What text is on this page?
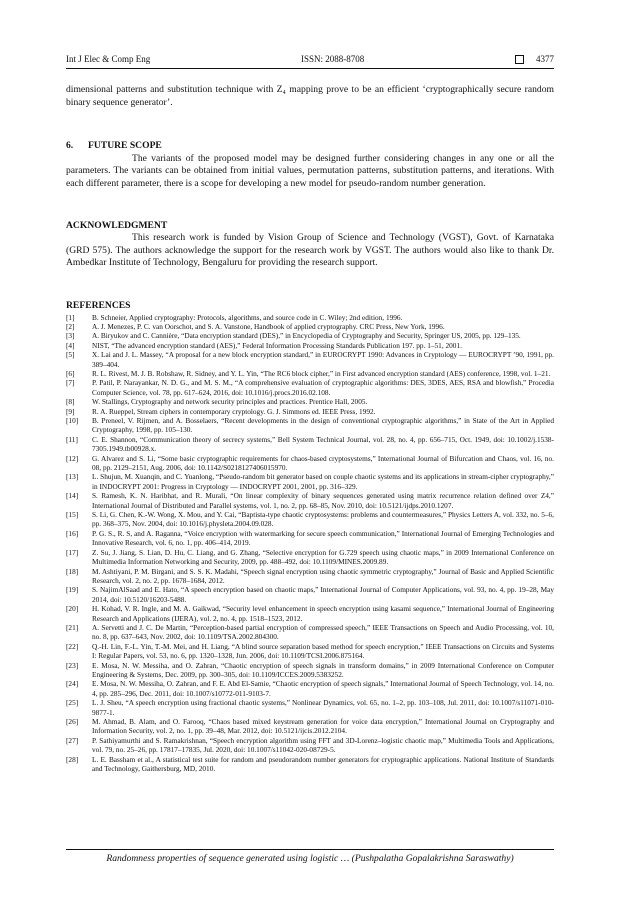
Int J Elec & Comp Eng	ISSN: 2088-8708	4377

dimensional patterns and substitution technique with Z₄ mapping prove to be an efficient ‘cryptographically secure random binary sequence generator’.

6. FUTURE SCOPE

The variants of the proposed model may be designed further considering changes in any one or all the parameters. The variants can be obtained from initial values, permutation patterns, substitution patterns, and iterations. With each different parameter, there is a scope for developing a new model for pseudo-random number generation.

ACKNOWLEDGMENT

This research work is funded by Vision Group of Science and Technology (VGST), Govt. of Karnataka (GRD 575). The authors acknowledge the support for the research work by VGST. The authors would also like to thank Dr. Ambedkar Institute of Technology, Bengaluru for providing the research support.

REFERENCES
[1]	B. Schneier, Applied cryptography: Protocols, algorithms, and source code in C. Wiley; 2nd edition, 1996.
[2]	A. J. Menezes, P. C. van Oorschot, and S. A. Vanstone, Handbook of applied cryptography. CRC Press, New York, 1996.
[3]	A. Biryukov and C. Cannière, “Data encryption standard (DES),” in Encyclopedia of Cryptography and Security, Springer US, 2005, pp. 129–135.
[4]	NIST, “The advanced encryption standard (AES),” Federal Information Processing Standards Publication 197. pp. 1–51, 2001.
[5]	X. Lai and J. L. Massey, “A proposal for a new block encryption standard,” in EUROCRYPT 1990: Advances in Cryptology — EUROCRYPT ’90, 1991, pp. 389–404.
[6]	R. L. Rivest, M. J. B. Robshaw, R. Sidney, and Y. L. Yin, “The RC6 block cipher,” in First advanced encryption standard (AES) conference, 1998, vol. 1–21.
[7]	P. Patil, P. Narayankar, N. D. G., and M. S. M., “A comprehensive evaluation of cryptographic algorithms: DES, 3DES, AES, RSA and blowfish,” Procedia Computer Science, vol. 78, pp. 617–624, 2016, doi: 10.1016/j.procs.2016.02.108.
[8]	W. Stallings, Cryptography and network security principles and practices. Prentice Hall, 2005.
[9]	R. A. Rueppel, Stream ciphers in contemporary cryptology. G. J. Simmons ed. IEEE Press, 1992.
[10]	B. Preneel, V. Rijmen, and A. Bosselaers, “Recent developments in the design of conventional cryptographic algorithms,” in State of the Art in Applied Cryptography, 1998, pp. 105–130.
[11]	C. E. Shannon, “Communication theory of secrecy systems,” Bell System Technical Journal, vol. 28, no. 4, pp. 656–715, Oct. 1949, doi: 10.1002/j.1538-7305.1949.tb00928.x.
[12]	G. Alvarez and S. Li, “Some basic cryptographic requirements for chaos-based cryptosystems,” International Journal of Bifurcation and Chaos, vol. 16, no. 08, pp. 2129–2151, Aug. 2006, doi: 10.1142/S0218127406015970.
[13]	L. Shujun, M. Xuanqin, and C. Yuanlong, “Pseudo-random bit generator based on couple chaotic systems and its applications in stream-cipher cryptography,” in INDOCRYPT 2001: Progress in Cryptology — INDOCRYPT 2001, 2001, pp. 316–329.
[14]	S. Ramesh, K. N. Haribhat, and R. Murali, “On linear complexity of binary sequences generated using matrix recurrence relation defined over Z4,” International Journal of Distributed and Parallel systems, vol. 1, no. 2, pp. 68–85, Nov. 2010, doi: 10.5121/ijdps.2010.1207.
[15]	S. Li, G. Chen, K.-W. Wong, X. Mou, and Y. Cai, “Baptista-type chaotic cryptosystems: problems and countermeasures,” Physics Letters A, vol. 332, no. 5–6, pp. 368–375, Nov. 2004, doi: 10.1016/j.physleta.2004.09.028.
[16]	P. G. S., R. S, and A. Raganna, “Voice encryption with watermarking for secure speech communication,” International Journal of Emerging Technologies and Innovative Research, vol. 6, no. 1, pp. 406–414, 2019.
[17]	Z. Su, J. Jiang, S. Lian, D. Hu, C. Liang, and G. Zhang, “Selective encryption for G.729 speech using chaotic maps,” in 2009 International Conference on Multimedia Information Networking and Security, 2009, pp. 488–492, doi: 10.1109/MINES.2009.89.
[18]	M. Ashtiyani, P. M. Birgani, and S. S. K. Madahi, “Speech signal encryption using chaotic symmetric cryptography,” Journal of Basic and Applied Scientific Research, vol. 2, no. 2, pp. 1678–1684, 2012.
[19]	S. NajimAlSaad and E. Hato, “A speech encryption based on chaotic maps,” International Journal of Computer Applications, vol. 93, no. 4, pp. 19–28, May 2014, doi: 10.5120/16203-5488.
[20]	H. Kohad, V. R. Ingle, and M. A. Gaikwad, “Security level enhancement in speech encryption using kasami sequence,” International Journal of Engineering Research and Applications (IJERA), vol. 2, no. 4, pp. 1518–1523, 2012.
[21]	A. Servetti and J. C. De Martin, “Perception-based partial encryption of compressed speech,” IEEE Transactions on Speech and Audio Processing, vol. 10, no. 8, pp. 637–643, Nov. 2002, doi: 10.1109/TSA.2002.804300.
[22]	Q.-H. Lin, F.-L. Yin, T.-M. Mei, and H. Liang, “A blind source separation based method for speech encryption,” IEEE Transactions on Circuits and Systems I: Regular Papers, vol. 53, no. 6, pp. 1320–1328, Jun. 2006, doi: 10.1109/TCSI.2006.875164.
[23]	E. Mosa, N. W. Messiha, and O. Zahran, “Chaotic encryption of speech signals in transform domains,” in 2009 International Conference on Computer Engineering & Systems, Dec. 2009, pp. 300–305, doi: 10.1109/ICCES.2009.5383252.
[24]	E. Mosa, N. W. Messiha, O. Zahran, and F. E. Abd El-Samie, “Chaotic encryption of speech signals,” International Journal of Speech Technology, vol. 14, no. 4, pp. 285–296, Dec. 2011, doi: 10.1007/s10772-011-9103-7.
[25]	L. J. Sheu, “A speech encryption using fractional chaotic systems,” Nonlinear Dynamics, vol. 65, no. 1–2, pp. 103–108, Jul. 2011, doi: 10.1007/s11071-010-9877-1.
[26]	M. Ahmad, B. Alam, and O. Farooq, “Chaos based mixed keystream generation for voice data encryption,” International Journal on Cryptography and Information Security, vol. 2, no. 1, pp. 39–48, Mar. 2012, doi: 10.5121/ijcis.2012.2104.
[27]	P. Sathiyamurthi and S. Ramakrishnan, “Speech encryption algorithm using FFT and 3D-Lorenz–logistic chaotic map,” Multimedia Tools and Applications, vol. 79, no. 25–26, pp. 17817–17835, Jul. 2020, doi: 10.1007/s11042-020-08729-5.
[28]	L. E. Bassham et al., A statistical test suite for random and pseudorandom number generators for cryptographic applications. National Institute of Standards and Technology, Gaithersburg, MD, 2010.
Randomness properties of sequence generated using logistic … (Pushpalatha Gopalakrishna Saraswathy)
